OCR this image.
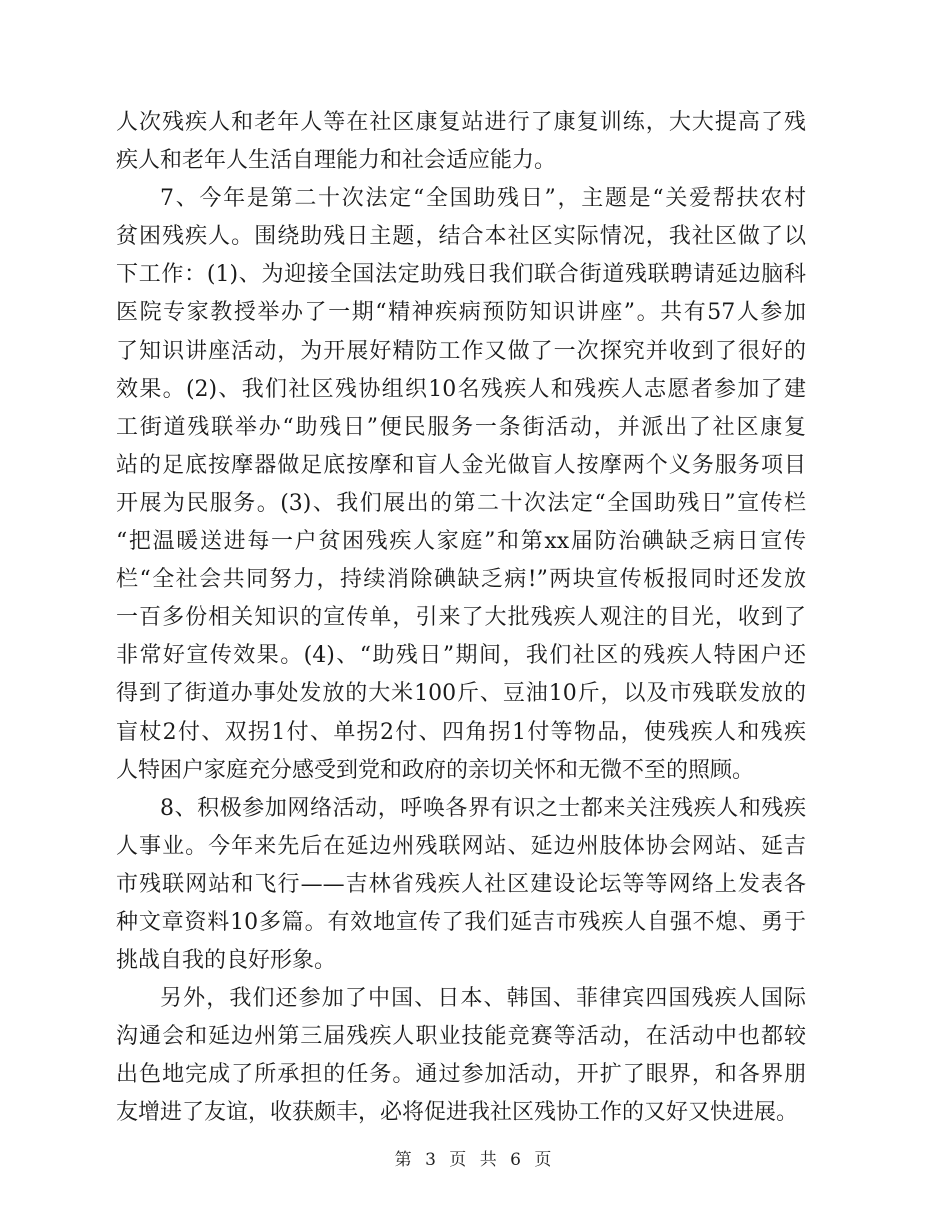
人次残疾人和老年人等在社区康复站进行了康复训练，大大提高了残
疾人和老年人生活自理能力和社会适应能力。
7、今年是第二十次法定“全国助残日”，主题是“关爱帮扶农村
贫困残疾人。围绕助残日主题，结合本社区实际情况，我社区做了以
下工作：(1)、为迎接全国法定助残日我们联合街道残联聘请延边脑科
医院专家教授举办了一期“精神疾病预防知识讲座”。共有57人参加
了知识讲座活动，为开展好精防工作又做了一次探究并收到了很好的
效果。(2)、我们社区残协组织10名残疾人和残疾人志愿者参加了建
工街道残联举办“助残日”便民服务一条街活动，并派出了社区康复
站的足底按摩器做足底按摩和盲人金光做盲人按摩两个义务服务项目
开展为民服务。(3)、我们展出的第二十次法定“全国助残日”宣传栏
“把温暖送进每一户贫困残疾人家庭”和第xx届防治碘缺乏病日宣传
栏“全社会共同努力，持续消除碘缺乏病!”两块宣传板报同时还发放
一百多份相关知识的宣传单，引来了大批残疾人观注的目光，收到了
非常好宣传效果。(4)、“助残日”期间，我们社区的残疾人特困户还
得到了街道办事处发放的大米100斤、豆油10斤，以及市残联发放的
盲杖2付、双拐1付、单拐2付、四角拐1付等物品，使残疾人和残疾
人特困户家庭充分感受到党和政府的亲切关怀和无微不至的照顾。
8、积极参加网络活动，呼唤各界有识之士都来关注残疾人和残疾
人事业。今年来先后在延边州残联网站、延边州肢体协会网站、延吉
市残联网站和飞行——吉林省残疾人社区建设论坛等等网络上发表各
种文章资料10多篇。有效地宣传了我们延吉市残疾人自强不熄、勇于
挑战自我的良好形象。
另外，我们还参加了中国、日本、韩国、菲律宾四国残疾人国际
沟通会和延边州第三届残疾人职业技能竞赛等活动，在活动中也都较
出色地完成了所承担的任务。通过参加活动，开扩了眼界，和各界朋
友增进了友谊，收获颇丰，必将促进我社区残协工作的又好又快进展。
第 3 页 共 6 页
